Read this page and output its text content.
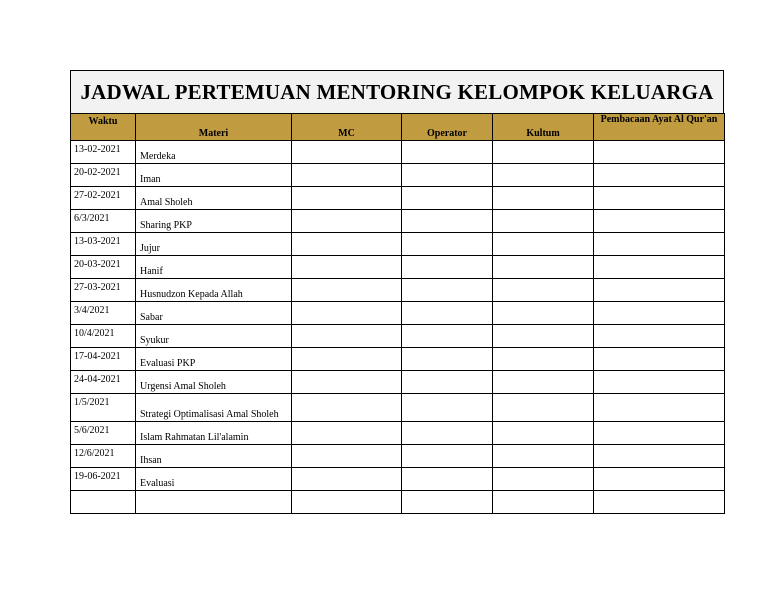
JADWAL PERTEMUAN MENTORING KELOMPOK KELUARGA
Waktu	Materi	MC	Operator	Kultum	Pembacaan Ayat Al Qur'an
13-02-2021	Merdeka				
20-02-2021	Iman				
27-02-2021	Amal Sholeh				
6/3/2021	Sharing PKP				
13-03-2021	Jujur				
20-03-2021	Hanif				
27-03-2021	Husnudzon Kepada Allah				
3/4/2021	Sabar				
10/4/2021	Syukur				
17-04-2021	Evaluasi PKP				
24-04-2021	Urgensi Amal Sholeh				
1/5/2021	Strategi Optimalisasi Amal Sholeh				
5/6/2021	Islam Rahmatan Lil'alamin				
12/6/2021	Ihsan				
19-06-2021	Evaluasi				
